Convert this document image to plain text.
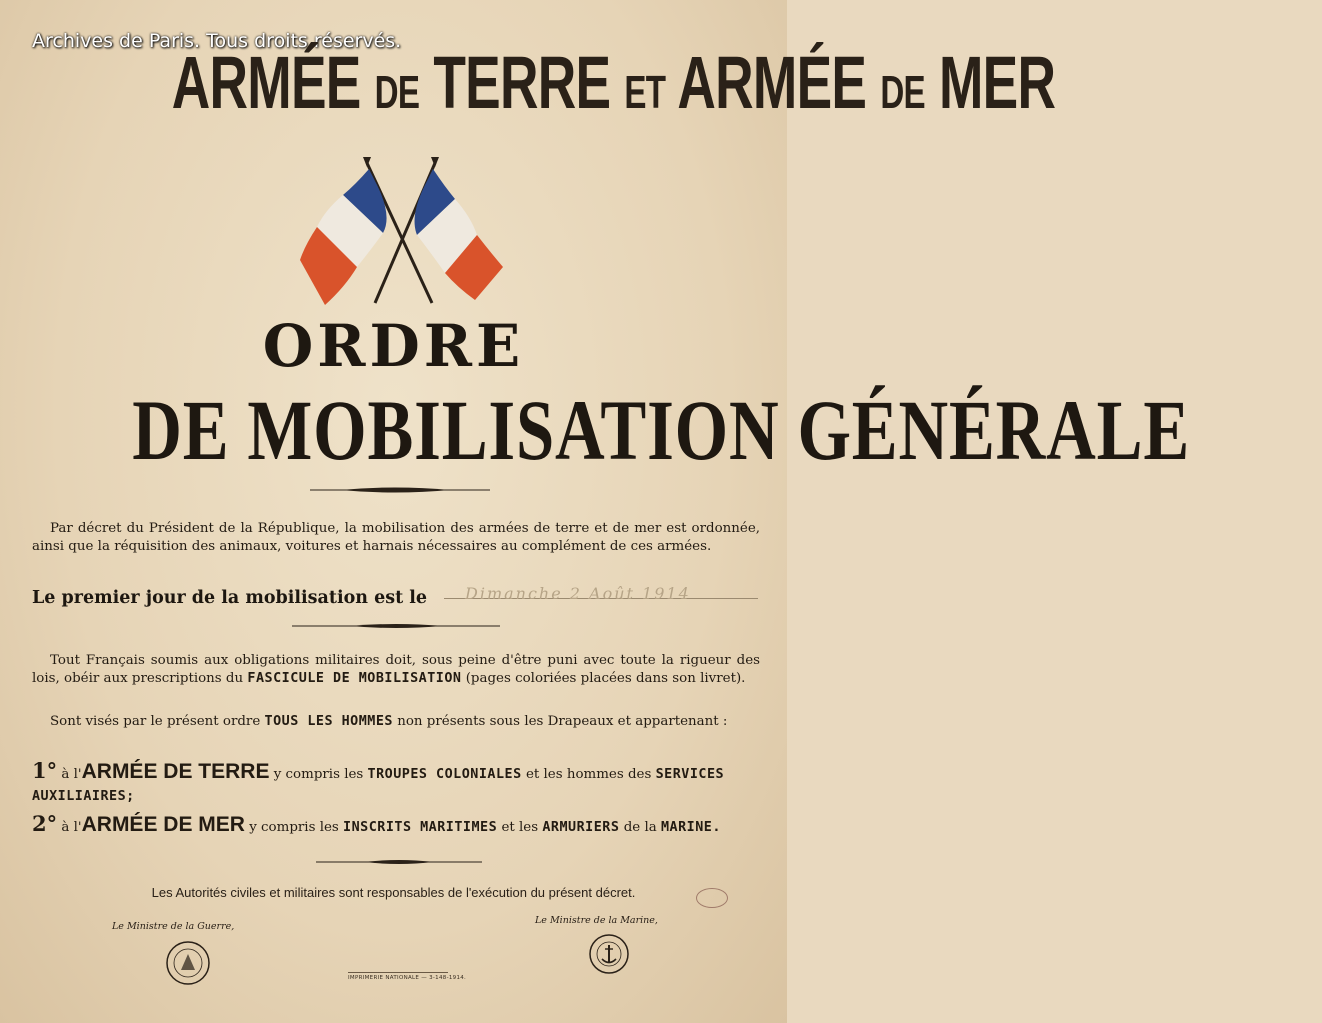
Archives de Paris. Tous droits réservés.
ARMÉE DE TERRE ET ARMÉE DE MER
ORDRE
DE MOBILISATION GÉNÉRALE
Par décret du Président de la République, la mobilisation des armées de terre et de mer est ordonnée, ainsi que la réquisition des animaux, voitures et harnais nécessaires au complément de ces armées.
Le premier jour de la mobilisation est le Dimanche 2 Août 1914
Tout Français soumis aux obligations militaires doit, sous peine d'être puni avec toute la rigueur des lois, obéir aux prescriptions du FASCICULE DE MOBILISATION (pages coloriées placées dans son livret).
Sont visés par le présent ordre TOUS LES HOMMES non présents sous les Drapeaux et appartenant :
1° à l'ARMÉE DE TERRE y compris les TROUPES COLONIALES et les hommes des SERVICES AUXILIAIRES;
2° à l'ARMÉE DE MER y compris les INSCRITS MARITIMES et les ARMURIERS de la MARINE.
Les Autorités civiles et militaires sont responsables de l'exécution du présent décret.
Le Ministre de la Guerre,
Le Ministre de la Marine,
IMPRIMERIE NATIONALE — 3-148-1914.
